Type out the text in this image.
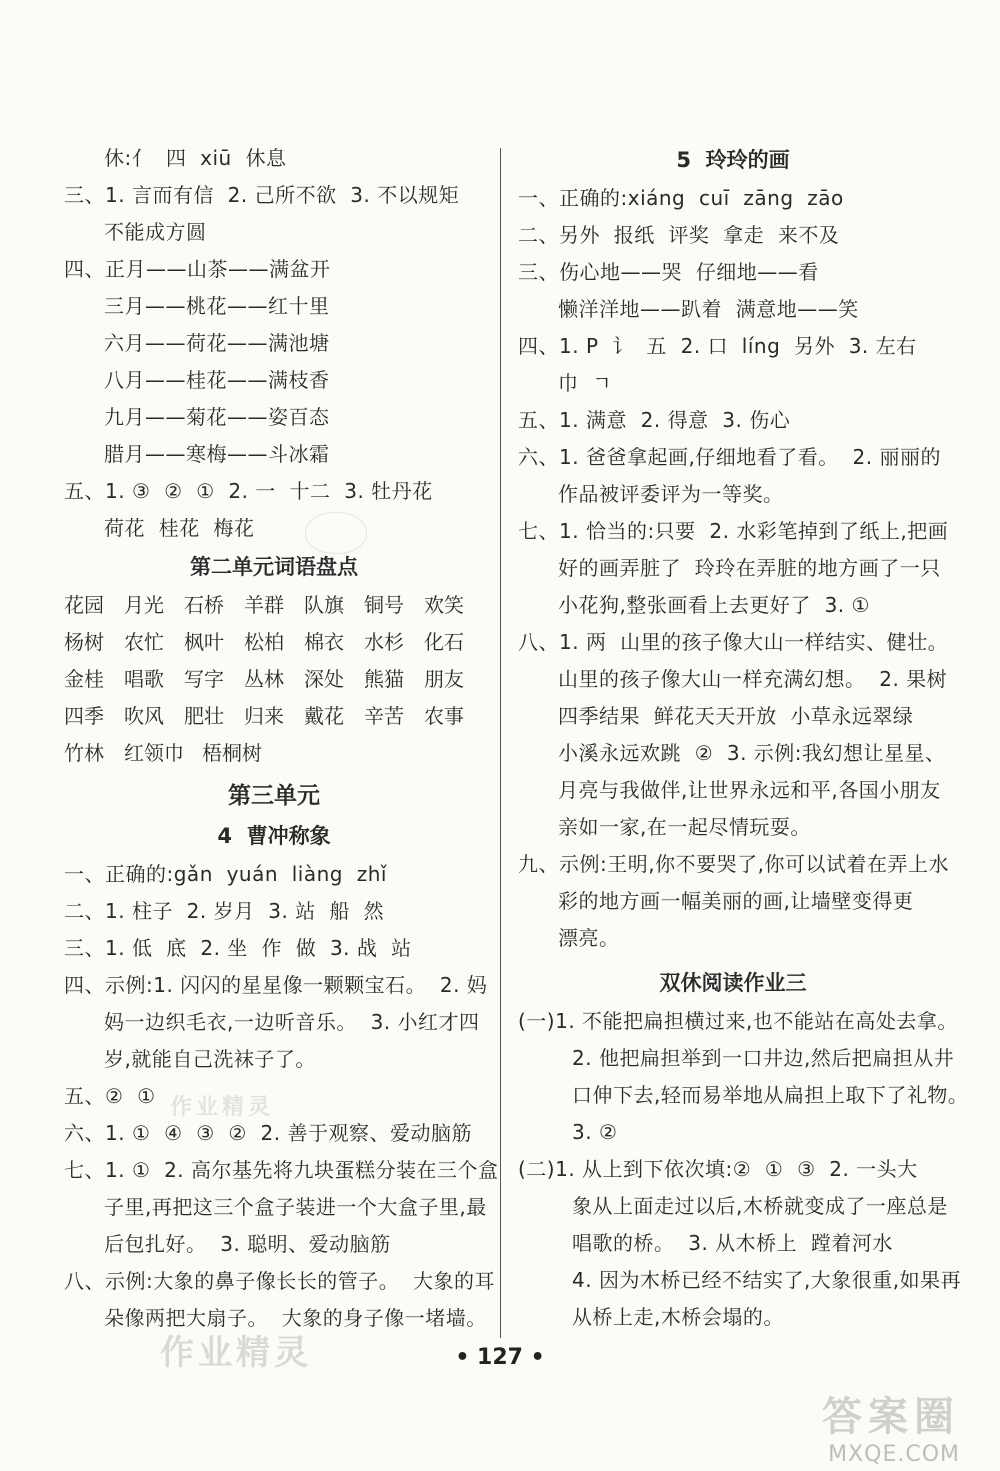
休:亻  四  xiū  休息
三、1. 言而有信  2. 己所不欲  3. 不以规矩
不能成方圆
四、正月——山茶——满盆开
三月——桃花——红十里
六月——荷花——满池塘
八月——桂花——满枝香
九月——菊花——姿百态
腊月——寒梅——斗冰霜
五、1. ③  ②  ①  2. 一  十二  3. 牡丹花
荷花  桂花  梅花
第二单元词语盘点
花园	月光	石桥	羊群	队旗	铜号	欢笑
杨树	农忙	枫叶	松柏	棉衣	水杉	化石
金桂	唱歌	写字	丛林	深处	熊猫	朋友
四季	吹风	肥壮	归来	戴花	辛苦	农事
竹林	红领巾 梧桐树
第三单元
4  曹冲称象
一、正确的:gǎn  yuán  liàng  zhǐ
二、1. 柱子  2. 岁月  3. 站  船  然
三、1. 低  底  2. 坐  作  做  3. 战  站
四、示例:1. 闪闪的星星像一颗颗宝石。  2. 妈
妈一边织毛衣,一边听音乐。  3. 小红才四
岁,就能自己洗袜子了。
五、②  ①
六、1. ①  ④  ③  ②  2. 善于观察、爱动脑筋
七、1. ①  2. 高尔基先将九块蛋糕分装在三个盒
子里,再把这三个盒子装进一个大盒子里,最
后包扎好。  3. 聪明、爱动脑筋
八、示例:大象的鼻子像长长的管子。  大象的耳
朵像两把大扇子。  大象的身子像一堵墙。
5  玲玲的画
一、正确的:xiáng  cuī  zāng  zāo
二、另外  报纸  评奖  拿走  来不及
三、伤心地——哭  仔细地——看
懒洋洋地——趴着  满意地——笑
四、1. P  讠  五  2. 口  líng  另外  3. 左右
巾  ㄱ
五、1. 满意  2. 得意  3. 伤心
六、1. 爸爸拿起画,仔细地看了看。  2. 丽丽的
作品被评委评为一等奖。
七、1. 恰当的:只要  2. 水彩笔掉到了纸上,把画
好的画弄脏了  玲玲在弄脏的地方画了一只
小花狗,整张画看上去更好了  3. ①
八、1. 两  山里的孩子像大山一样结实、健壮。
山里的孩子像大山一样充满幻想。  2. 果树
四季结果  鲜花天天开放  小草永远翠绿
小溪永远欢跳  ②  3. 示例:我幻想让星星、
月亮与我做伴,让世界永远和平,各国小朋友
亲如一家,在一起尽情玩耍。
九、示例:王明,你不要哭了,你可以试着在弄上水
彩的地方画一幅美丽的画,让墙壁变得更
漂亮。
双休阅读作业三
(一)1. 不能把扁担横过来,也不能站在高处去拿。
2. 他把扁担举到一口井边,然后把扁担从井
口伸下去,轻而易举地从扁担上取下了礼物。
3. ②
(二)1. 从上到下依次填:②  ①  ③  2. 一头大
象从上面走过以后,木桥就变成了一座总是
唱歌的桥。  3. 从木桥上  蹚着河水
4. 因为木桥已经不结实了,大象很重,如果再
从桥上走,木桥会塌的。
作业精灵
作业精灵	• 127 •
答案圈
MXQE.COM
